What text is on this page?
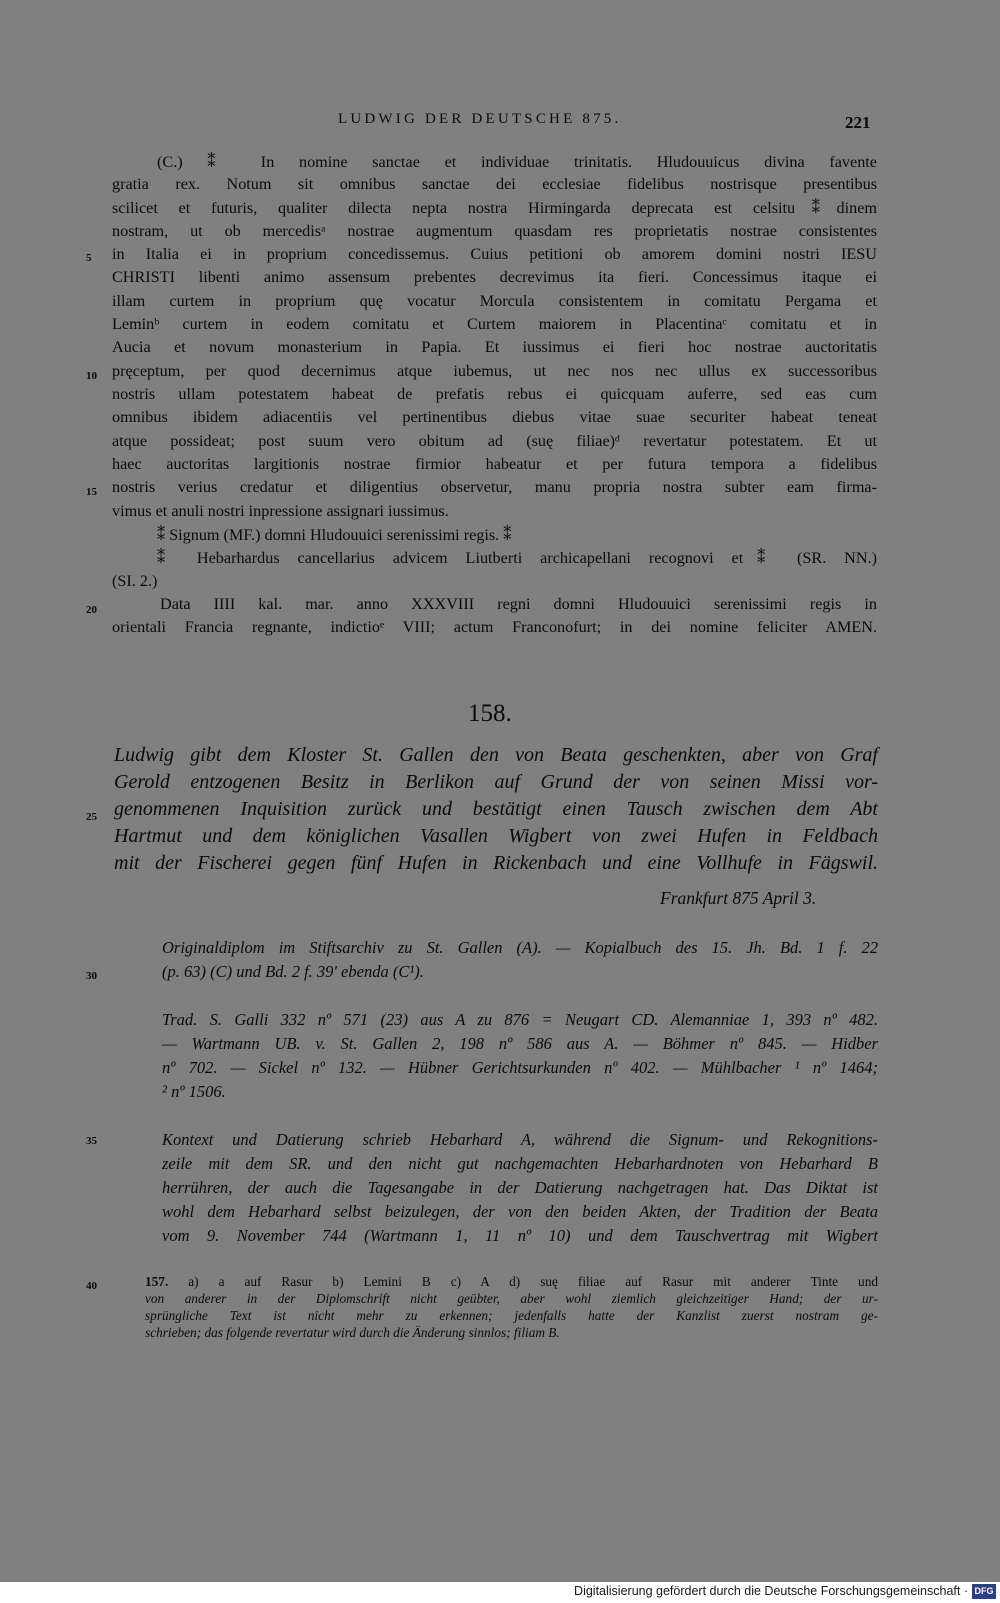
LUDWIG DER DEUTSCHE 875.	221
(C.) ⁑ In nomine sanctae et individuae trinitatis. Hludouuicus divina favente
gratia rex. Notum sit omnibus sanctae dei ecclesiae fidelibus nostrisque presentibus
scilicet et futuris, qualiter dilecta nepta nostra Hirmingarda deprecata est celsitu⁑dinem
nostram, ut ob mercedisᵃ nostrae augmentum quasdam res proprietatis nostrae consistentes
in Italia ei in proprium concedissemus. Cuius petitioni ob amorem domini nostri IESU
CHRISTI libenti animo assensum prebentes decrevimus ita fieri. Concessimus itaque ei
illam curtem in proprium quę vocatur Morcula consistentem in comitatu Pergama et
Leminᵇ curtem in eodem comitatu et Curtem maiorem in Placentinaᶜ comitatu et in
Aucia et novum monasterium in Papia. Et iussimus ei fieri hoc nostrae auctoritatis
pręceptum, per quod decernimus atque iubemus, ut nec nos nec ullus ex successoribus
nostris ullam potestatem habeat de prefatis rebus ei quicquam auferre, sed eas cum
omnibus ibidem adiacentiis vel pertinentibus diebus vitae suae securiter habeat teneat
atque possideat; post suum vero obitum ad (suę filiae)ᵈ revertatur potestatem. Et ut
haec auctoritas largitionis nostrae firmior habeatur et per futura tempora a fidelibus
nostris verius credatur et diligentius observetur, manu propria nostra subter eam firma-
vimus et anuli nostri inpressione assignari iussimus.
⁑ Signum (MF.) domni Hludouuici serenissimi regis. ⁑
⁑ Hebarhardus cancellarius advicem Liutberti archicapellani recognovi et⁑ (SR. NN.)
(SI. 2.)
Data IIII kal. mar. anno XXXVIII regni domni Hludouuici serenissimi regis in
orientali Francia regnante, indictioᵉ VIII; actum Franconofurt; in dei nomine feliciter AMEN.
5
10
15
20
158.
Ludwig gibt dem Kloster St. Gallen den von Beata geschenkten, aber von Graf
Gerold entzogenen Besitz in Berlikon auf Grund der von seinen Missi vor-
genommenen Inquisition zurück und bestätigt einen Tausch zwischen dem Abt
Hartmut und dem königlichen Vasallen Wigbert von zwei Hufen in Feldbach
mit der Fischerei gegen fünf Hufen in Rickenbach und eine Vollhufe in Fägswil.
Frankfurt 875 April 3.
Originaldiplom im Stiftsarchiv zu St. Gallen (A). — Kopialbuch des 15. Jh. Bd. 1 f. 22
(p. 63) (C) und Bd. 2 f. 39' ebenda (C¹).
Trad. S. Galli 332 nº 571 (23) aus A zu 876 = Neugart CD. Alemanniae 1, 393 nº 482.
— Wartmann UB. v. St. Gallen 2, 198 nº 586 aus A. — Böhmer nº 845. — Hidber
nº 702. — Sickel nº 132. — Hübner Gerichtsurkunden nº 402. — Mühlbacher ¹ nº 1464;
² nº 1506.
Kontext und Datierung schrieb Hebarhard A, während die Signum- und Rekognitions-
zeile mit dem SR. und den nicht gut nachgemachten Hebarhardnoten von Hebarhard B
herrühren, der auch die Tagesangabe in der Datierung nachgetragen hat. Das Diktat ist
wohl dem Hebarhard selbst beizulegen, der von den beiden Akten, der Tradition der Beata
vom 9. November 744 (Wartmann 1, 11 nº 10) und dem Tauschvertrag mit Wigbert
25
30
35
40	157. a) a auf Rasur b) Lemini B c) A d) suę filiae auf Rasur mit anderer Tinte und
von anderer in der Diplomschrift nicht geübter, aber wohl ziemlich gleichzeitiger Hand; der ur-
sprüngliche Text ist nicht mehr zu erkennen; jedenfalls hatte der Kanzlist zuerst nostram ge-
schrieben; das folgende revertatur wird durch die Änderung sinnlos; filiam B.
Digitalisierung gefördert durch die Deutsche Forschungsgemeinschaft · DFG
